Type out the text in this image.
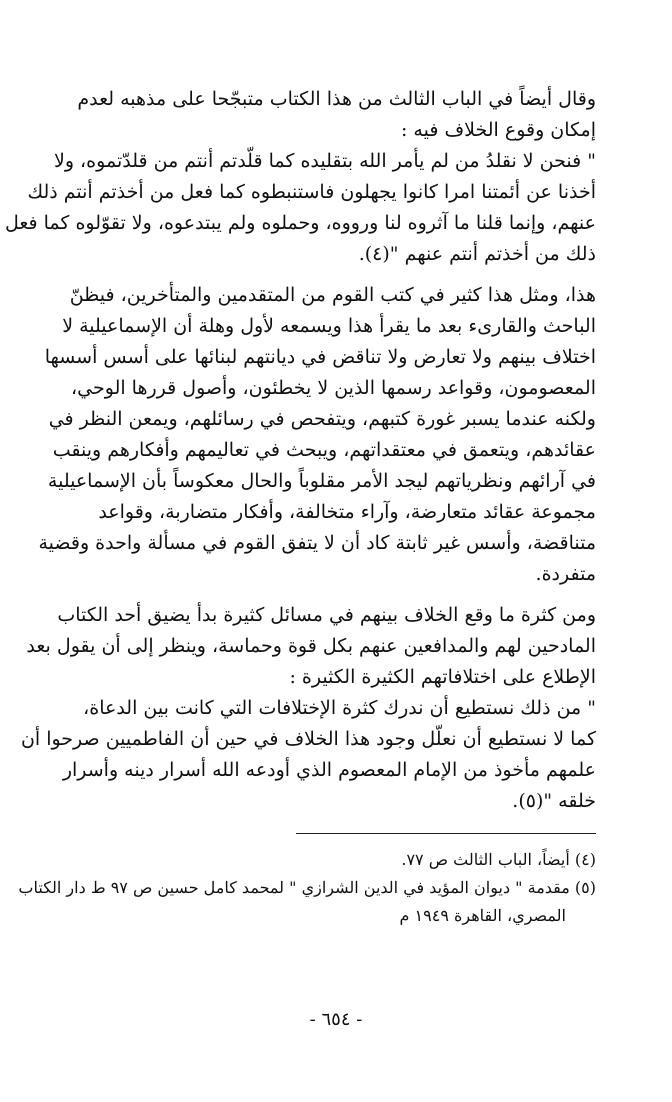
وقال أيضاً في الباب الثالث من هذا الكتاب متبجّحا على مذهبه لعدم
إمكان وقوع الخلاف فيه :

" فنحن لا نقلدُ من لم يأمر الله بتقليده كما قلّدتم أنتم من قلدّتموه، ولا
أخذنا عن أئمتنا امرا كانوا يجهلون فاستنبطوه كما فعل من أخذتم أنتم ذلك
عنهم، وإنما قلنا ما آثروه لنا ورووه، وحملوه ولم يبتدعوه، ولا تقوّلوه كما فعل
ذلك من أخذتم أنتم عنهم "(٤).

هذا، ومثل هذا كثير في كتب القوم من المتقدمين والمتأخرين، فيظنّ
الباحث والقارىء بعد ما يقرأ هذا ويسمعه لأول وهلة أن الإسماعيلية لا
اختلاف بينهم ولا تعارض ولا تناقض في ديانتهم لبنائها على أسس أسسها
المعصومون، وقواعد رسمها الذين لا يخطئون، وأصول قررها الوحي،
ولكنه عندما يسبر غورة كتبهم، ويتفحص في رسائلهم، ويمعن النظر في
عقائدهم، ويتعمق في معتقداتهم، ويبحث في تعاليمهم وأفكارهم وينقب
في آرائهم ونظرياتهم ليجد الأمر مقلوباً والحال معكوساً بأن الإسماعيلية
مجموعة عقائد متعارضة، وآراء متخالفة، وأفكار متضاربة، وقواعد
متناقضة، وأسس غير ثابتة كاد أن لا يتفق القوم في مسألة واحدة وقضية
متفردة.

ومن كثرة ما وقع الخلاف بينهم في مسائل كثيرة بدأ يضيق أحد الكتاب
المادحين لهم والمدافعين عنهم بكل قوة وحماسة، وينظر إلى أن يقول بعد
الإطلاع على اختلافاتهم الكثيرة الكثيرة :

" من ذلك نستطيع أن ندرك كثرة الإختلافات التي كانت بين الدعاة،
كما لا نستطيع أن نعلّل وجود هذا الخلاف في حين أن الفاطميين صرحوا أن
علمهم مأخوذ من الإمام المعصوم الذي أودعه الله أسرار دينه وأسرار
خلقه "(٥).

(٤) أيضاً، الباب الثالث ص ٧٧.

(٥) مقدمة " ديوان المؤيد في الدين الشرازي " لمحمد كامل حسين ص ٩٧ ط دار الكتاب
المصري، القاهرة ١٩٤٩ م

- ٦٥٤ -
